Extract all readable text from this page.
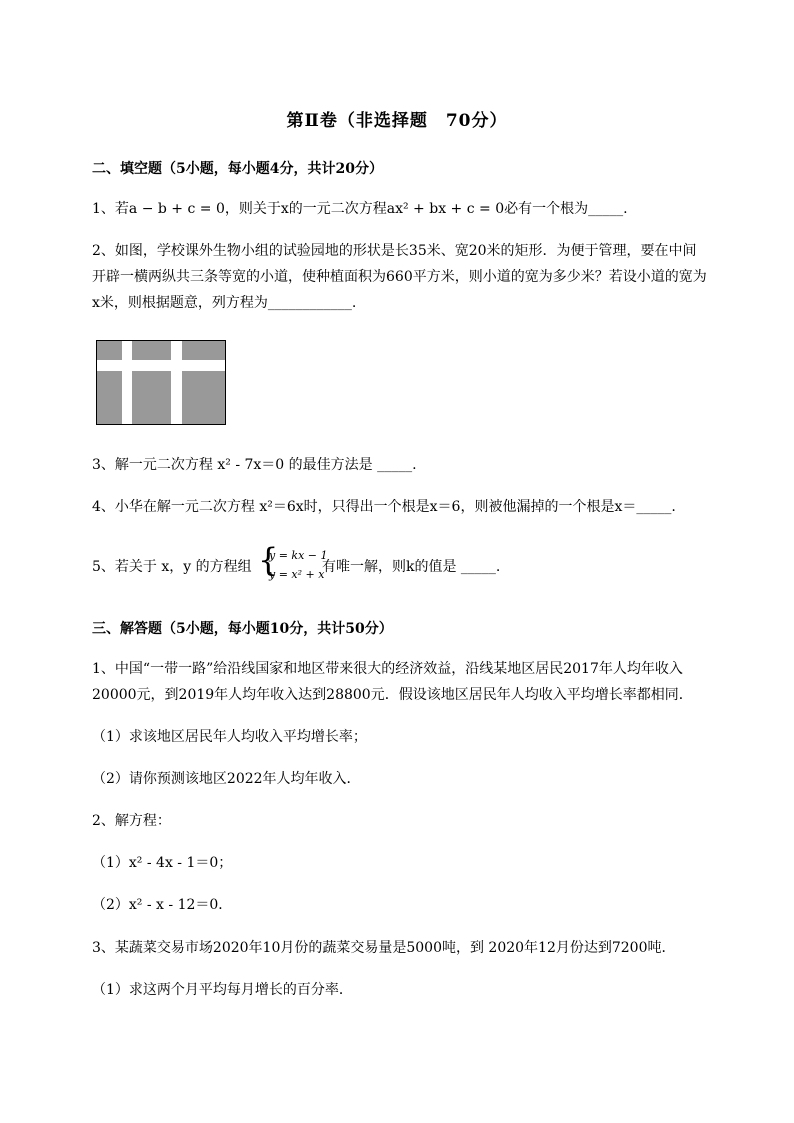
第Ⅱ卷（非选择题　70分）
二、填空题（5小题，每小题4分，共计20分）
1、若a − b + c = 0，则关于x的一元二次方程ax² + bx + c = 0必有一个根为_____.
2、如图，学校课外生物小组的试验园地的形状是长35米、宽20米的矩形．为便于管理，要在中间
开辟一横两纵共三条等宽的小道，使种植面积为660平方米，则小道的宽为多少米？若设小道的宽为
x米，则根据题意，列方程为____________.
3、解一元二次方程 x² - 7x＝0 的最佳方法是 _____.
4、小华在解一元二次方程 x²＝6x时，只得出一个根是x＝6，则被他漏掉的一个根是x＝_____.
5、若关于 x，y 的方程组 {
y = kx − 1
y = x² + x
有唯一解，则k的值是 _____.
三、解答题（5小题，每小题10分，共计50分）
1、中国“一带一路”给沿线国家和地区带来很大的经济效益，沿线某地区居民2017年人均年收入
20000元，到2019年人均年收入达到28800元．假设该地区居民年人均收入平均增长率都相同．
（1）求该地区居民年人均收入平均增长率；
（2）请你预测该地区2022年人均年收入．
2、解方程：
（1）x² - 4x - 1＝0；
（2）x² - x - 12＝0．
3、某蔬菜交易市场2020年10月份的蔬菜交易量是5000吨，到 2020年12月份达到7200吨．
（1）求这两个月平均每月增长的百分率．
